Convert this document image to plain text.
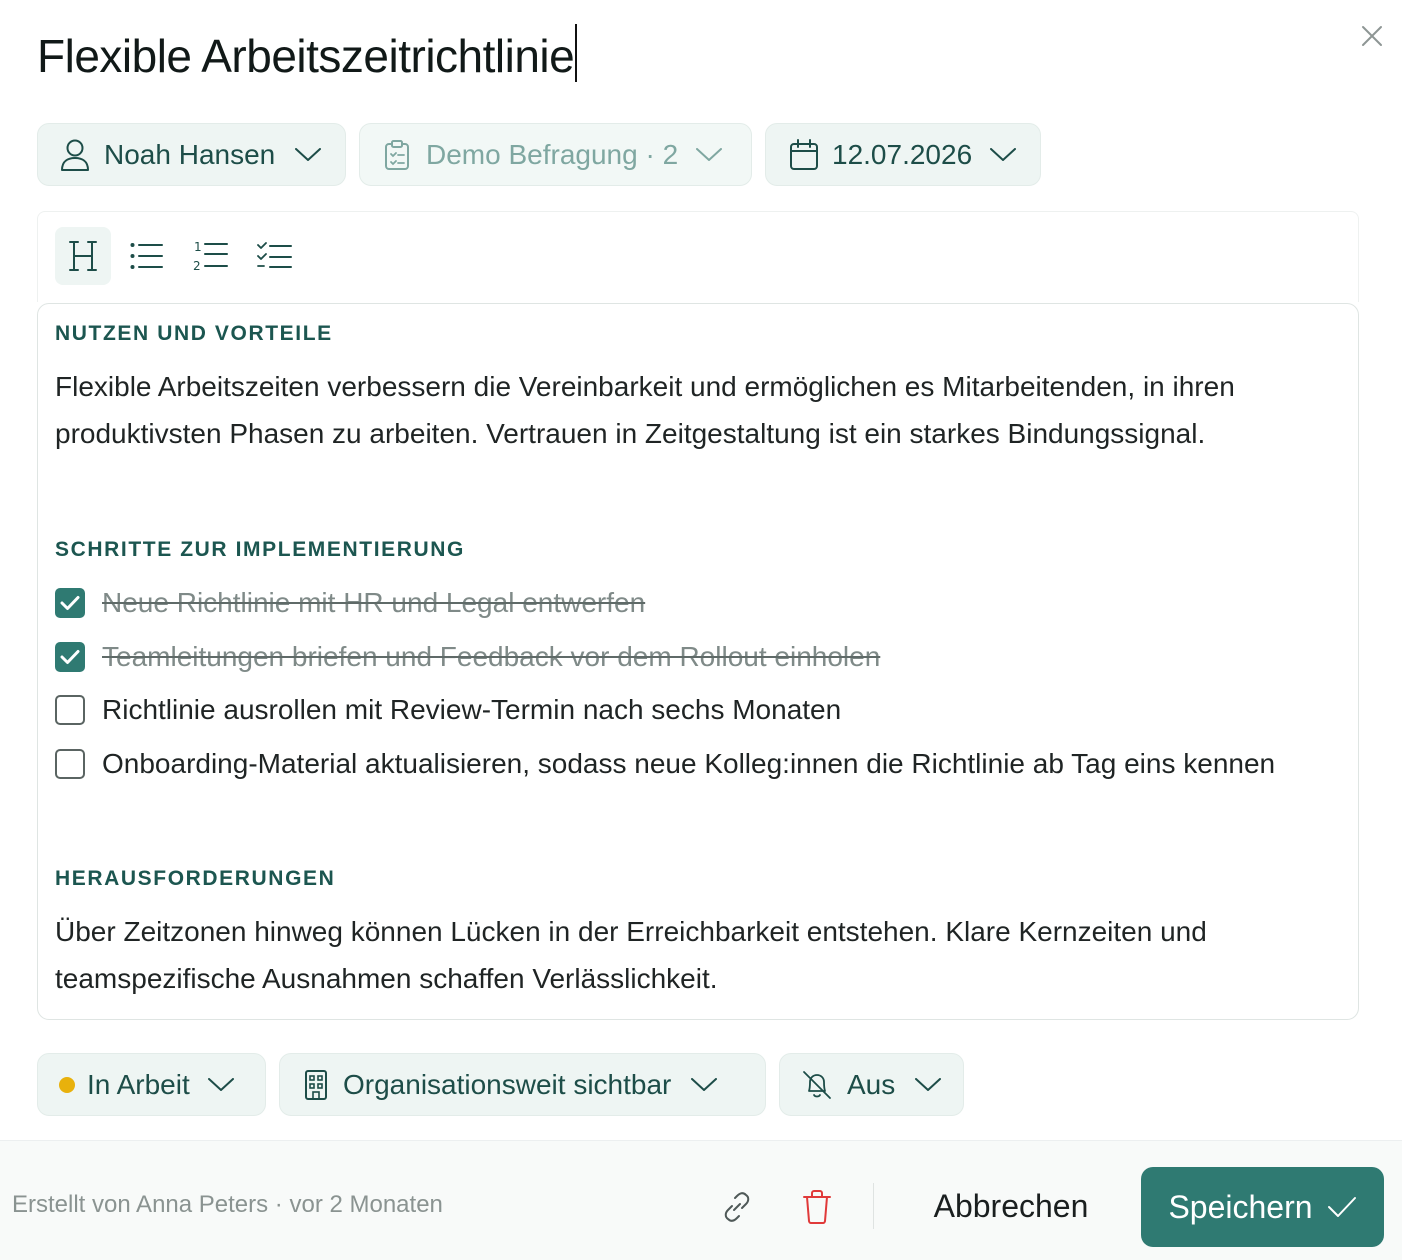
Flexible Arbeitszeitrichtlinie
Noah Hansen	Demo Befragung · 2	12.07.2026
1
2
NUTZEN UND VORTEILE
Flexible Arbeitszeiten verbessern die Vereinbarkeit und ermöglichen es Mitarbeitenden, in ihren produktivsten Phasen zu arbeiten. Vertrauen in Zeitgestaltung ist ein starkes Bindungssignal.
SCHRITTE ZUR IMPLEMENTIERUNG
Neue Richtlinie mit HR und Legal entwerfen
Teamleitungen briefen und Feedback vor dem Rollout einholen
Richtlinie ausrollen mit Review-Termin nach sechs Monaten
Onboarding-Material aktualisieren, sodass neue Kolleg:innen die Richtlinie ab Tag eins kennen
HERAUSFORDERUNGEN
Über Zeitzonen hinweg können Lücken in der Erreichbarkeit entstehen. Klare Kernzeiten und teamspezifische Ausnahmen schaffen Verlässlichkeit.
In Arbeit	Organisationsweit sichtbar	Aus
Erstellt von Anna Peters · vor 2 Monaten	Abbrechen	Speichern
